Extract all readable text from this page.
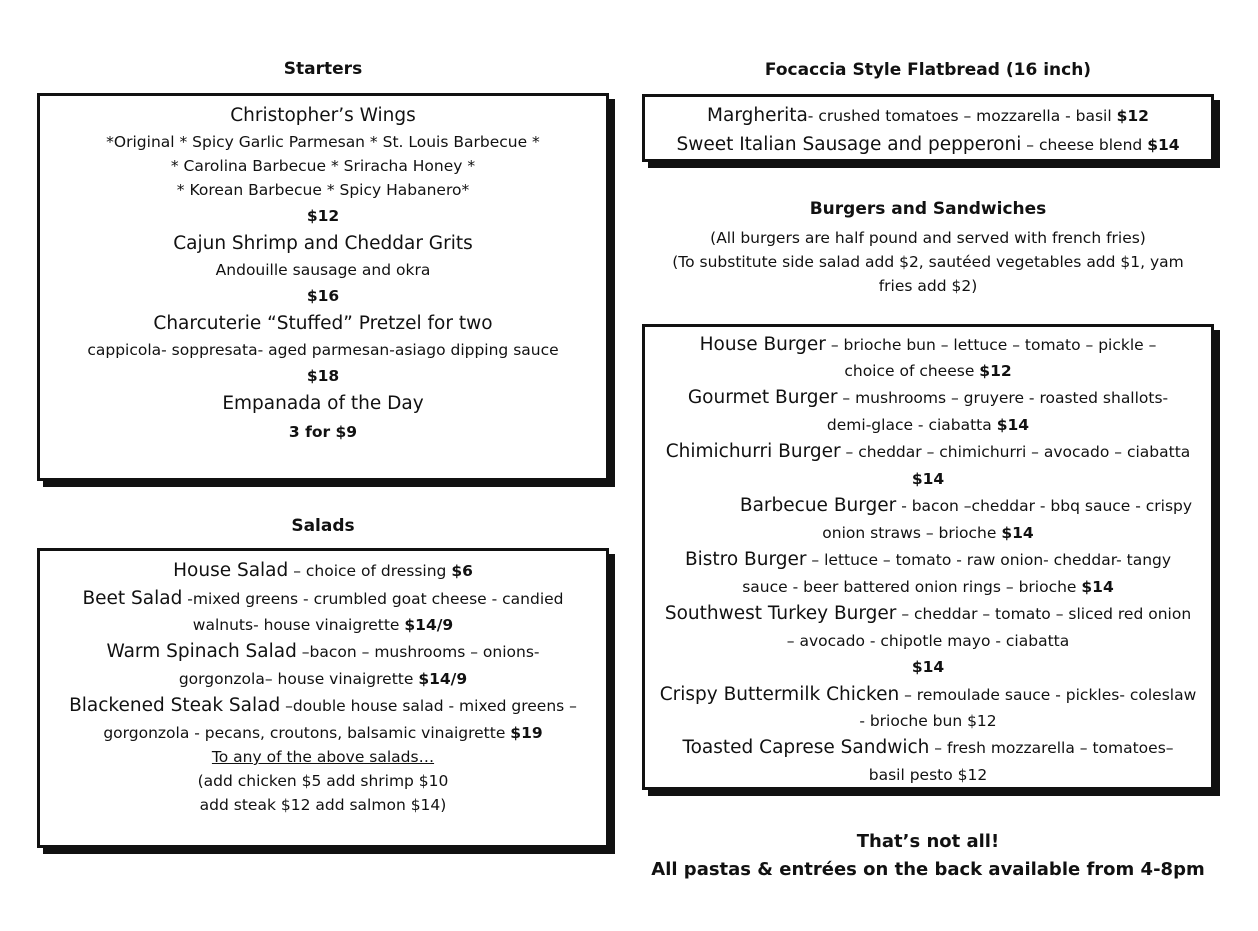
Starters
Christopher’s Wings
*Original * Spicy Garlic Parmesan * St. Louis Barbecue *
* Carolina Barbecue * Sriracha Honey *
* Korean Barbecue * Spicy Habanero*
$12
Cajun Shrimp and Cheddar Grits
Andouille sausage and okra
$16
Charcuterie “Stuffed” Pretzel for two
cappicola- soppresata- aged parmesan-asiago dipping sauce
$18
Empanada of the Day
3 for $9
Salads
House Salad – choice of dressing $6
Beet Salad -mixed greens - crumbled goat cheese - candied
walnuts- house vinaigrette $14/9
Warm Spinach Salad –bacon – mushrooms – onions-
gorgonzola– house vinaigrette $14/9
Blackened Steak Salad –double house salad - mixed greens –
gorgonzola - pecans, croutons, balsamic vinaigrette $19
To any of the above salads…
(add chicken $5 add shrimp $10
add steak $12 add salmon $14)
Focaccia Style Flatbread (16 inch)
Margherita- crushed tomatoes – mozzarella - basil $12
Sweet Italian Sausage and pepperoni – cheese blend $14
Burgers and Sandwiches
(All burgers are half pound and served with french fries)
(To substitute side salad add $2, sautéed vegetables add $1, yam
fries add $2)
House Burger – brioche bun – lettuce – tomato – pickle –
choice of cheese $12
Gourmet Burger – mushrooms – gruyere - roasted shallots-
demi-glace - ciabatta $14
Chimichurri Burger – cheddar – chimichurri – avocado – ciabatta
$14
Barbecue Burger - bacon –cheddar - bbq sauce - crispy
onion straws – brioche $14
Bistro Burger – lettuce – tomato - raw onion- cheddar- tangy
sauce - beer battered onion rings – brioche $14
Southwest Turkey Burger – cheddar – tomato – sliced red onion
– avocado - chipotle mayo - ciabatta
$14
Crispy Buttermilk Chicken – remoulade sauce - pickles- coleslaw
- brioche bun $12
Toasted Caprese Sandwich – fresh mozzarella – tomatoes–
basil pesto $12
That’s not all!
All pastas & entrées on the back available from 4-8pm
